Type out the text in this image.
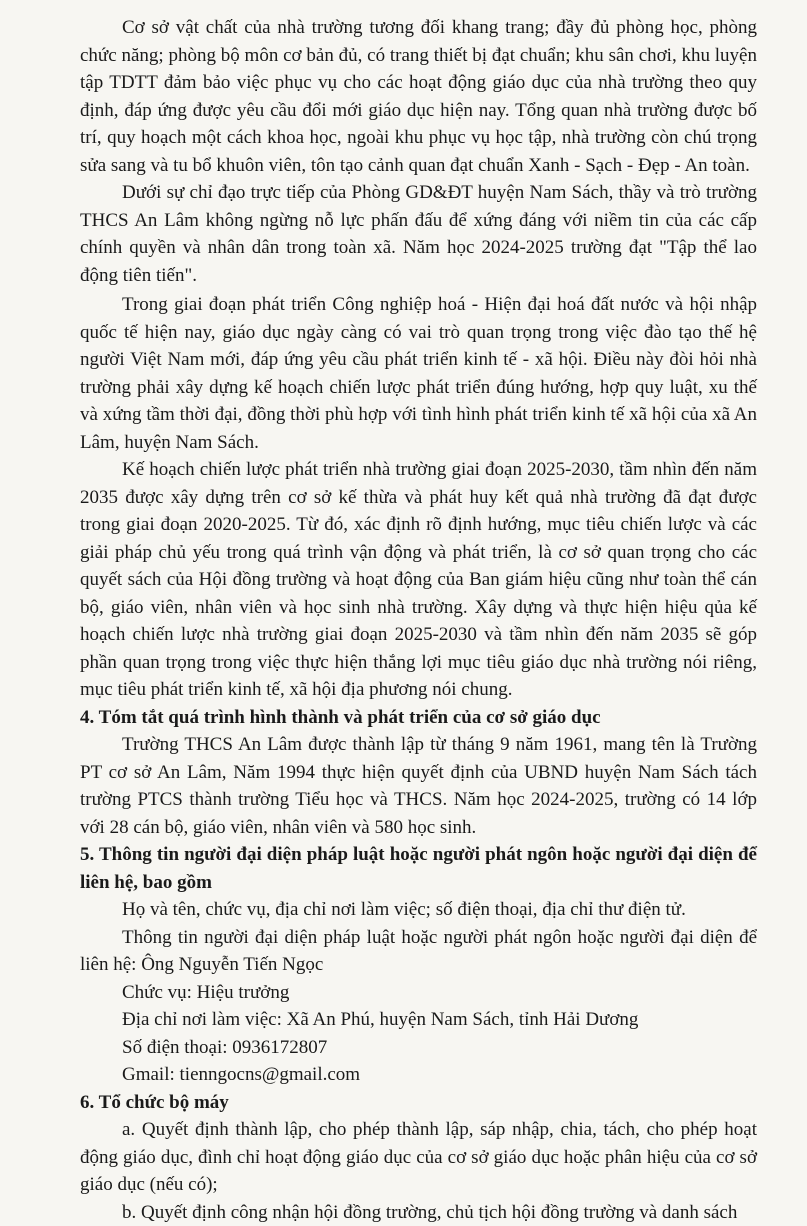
Cơ sở vật chất của nhà trường tương đối khang trang; đầy đủ phòng học, phòng chức năng; phòng bộ môn cơ bản đủ, có trang thiết bị đạt chuẩn; khu sân chơi, khu luyện tập TDTT đảm bảo việc phục vụ cho các hoạt động giáo dục của nhà trường theo quy định, đáp ứng được yêu cầu đổi mới giáo dục hiện nay. Tổng quan nhà trường được bố trí, quy hoạch một cách khoa học, ngoài khu phục vụ học tập, nhà trường còn chú trọng sửa sang và tu bổ khuôn viên, tôn tạo cảnh quan đạt chuẩn Xanh - Sạch - Đẹp - An toàn.

Dưới sự chỉ đạo trực tiếp của Phòng GD&ĐT huyện Nam Sách, thầy và trò trường THCS An Lâm không ngừng nỗ lực phấn đấu để xứng đáng với niềm tin của các cấp chính quyền và nhân dân trong toàn xã. Năm học 2024-2025 trường đạt "Tập thể lao động tiên tiến".

Trong giai đoạn phát triển Công nghiệp hoá - Hiện đại hoá đất nước và hội nhập quốc tế hiện nay, giáo dục ngày càng có vai trò quan trọng trong việc đào tạo thế hệ người Việt Nam mới, đáp ứng yêu cầu phát triển kinh tế - xã hội. Điều này đòi hỏi nhà trường phải xây dựng kế hoạch chiến lược phát triển đúng hướng, hợp quy luật, xu thế và xứng tầm thời đại, đồng thời phù hợp với tình hình phát triển kinh tế xã hội của xã An Lâm, huyện Nam Sách.

Kế hoạch chiến lược phát triển nhà trường giai đoạn 2025-2030, tầm nhìn đến năm 2035 được xây dựng trên cơ sở kế thừa và phát huy kết quả nhà trường đã đạt được trong giai đoạn 2020-2025. Từ đó, xác định rõ định hướng, mục tiêu chiến lược và các giải pháp chủ yếu trong quá trình vận động và phát triển, là cơ sở quan trọng cho các quyết sách của Hội đồng trường và hoạt động của Ban giám hiệu cũng như toàn thể cán bộ, giáo viên, nhân viên và học sinh nhà trường. Xây dựng và thực hiện hiệu qủa kế hoạch chiến lược nhà trường giai đoạn 2025-2030 và tầm nhìn đến năm 2035 sẽ góp phần quan trọng trong việc thực hiện thắng lợi mục tiêu giáo dục nhà trường nói riêng, mục tiêu phát triển kinh tế, xã hội địa phương nói chung.

4. Tóm tắt quá trình hình thành và phát triển của cơ sở giáo dục

Trường THCS An Lâm được thành lập từ tháng 9 năm 1961, mang tên là Trường PT cơ sở An Lâm, Năm 1994 thực hiện quyết định của UBND huyện Nam Sách tách trường PTCS thành trường Tiểu học và THCS. Năm học 2024-2025, trường có 14 lớp với 28 cán bộ, giáo viên, nhân viên và 580 học sinh.

5. Thông tin người đại diện pháp luật hoặc người phát ngôn hoặc người đại diện để liên hệ, bao gồm

Họ và tên, chức vụ, địa chỉ nơi làm việc; số điện thoại, địa chỉ thư điện tử.

Thông tin người đại diện pháp luật hoặc người phát ngôn hoặc người đại diện để liên hệ: Ông Nguyễn Tiến Ngọc

Chức vụ: Hiệu trưởng

Địa chỉ nơi làm việc: Xã An Phú, huyện Nam Sách, tỉnh Hải Dương

Số điện thoại: 0936172807

Gmail: tienngocns@gmail.com

6. Tổ chức bộ máy

a. Quyết định thành lập, cho phép thành lập, sáp nhập, chia, tách, cho phép hoạt động giáo dục, đình chỉ hoạt động giáo dục của cơ sở giáo dục hoặc phân hiệu của cơ sở giáo dục (nếu có);

b. Quyết định công nhận hội đồng trường, chủ tịch hội đồng trường và danh sách
